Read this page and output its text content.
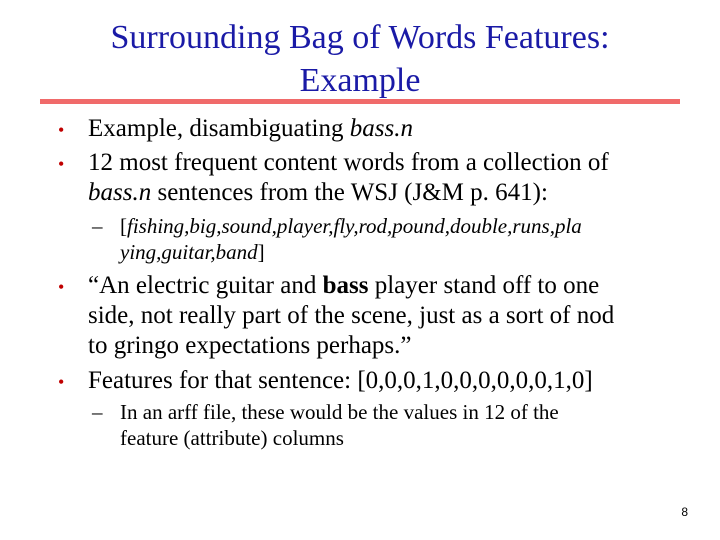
Surrounding Bag of Words Features:
Example
• Example, disambiguating bass.n
• 12 most frequent content words from a collection of
bass.n sentences from the WSJ (J&M p. 641):
– [fishing,big,sound,player,fly,rod,pound,double,runs,pla
ying,guitar,band]
• “An electric guitar and bass player stand off to one
side, not really part of the scene, just as a sort of nod
to gringo expectations perhaps.”
• Features for that sentence: [0,0,0,1,0,0,0,0,0,0,1,0]
– In an arff file, these would be the values in 12 of the
feature (attribute) columns
8
